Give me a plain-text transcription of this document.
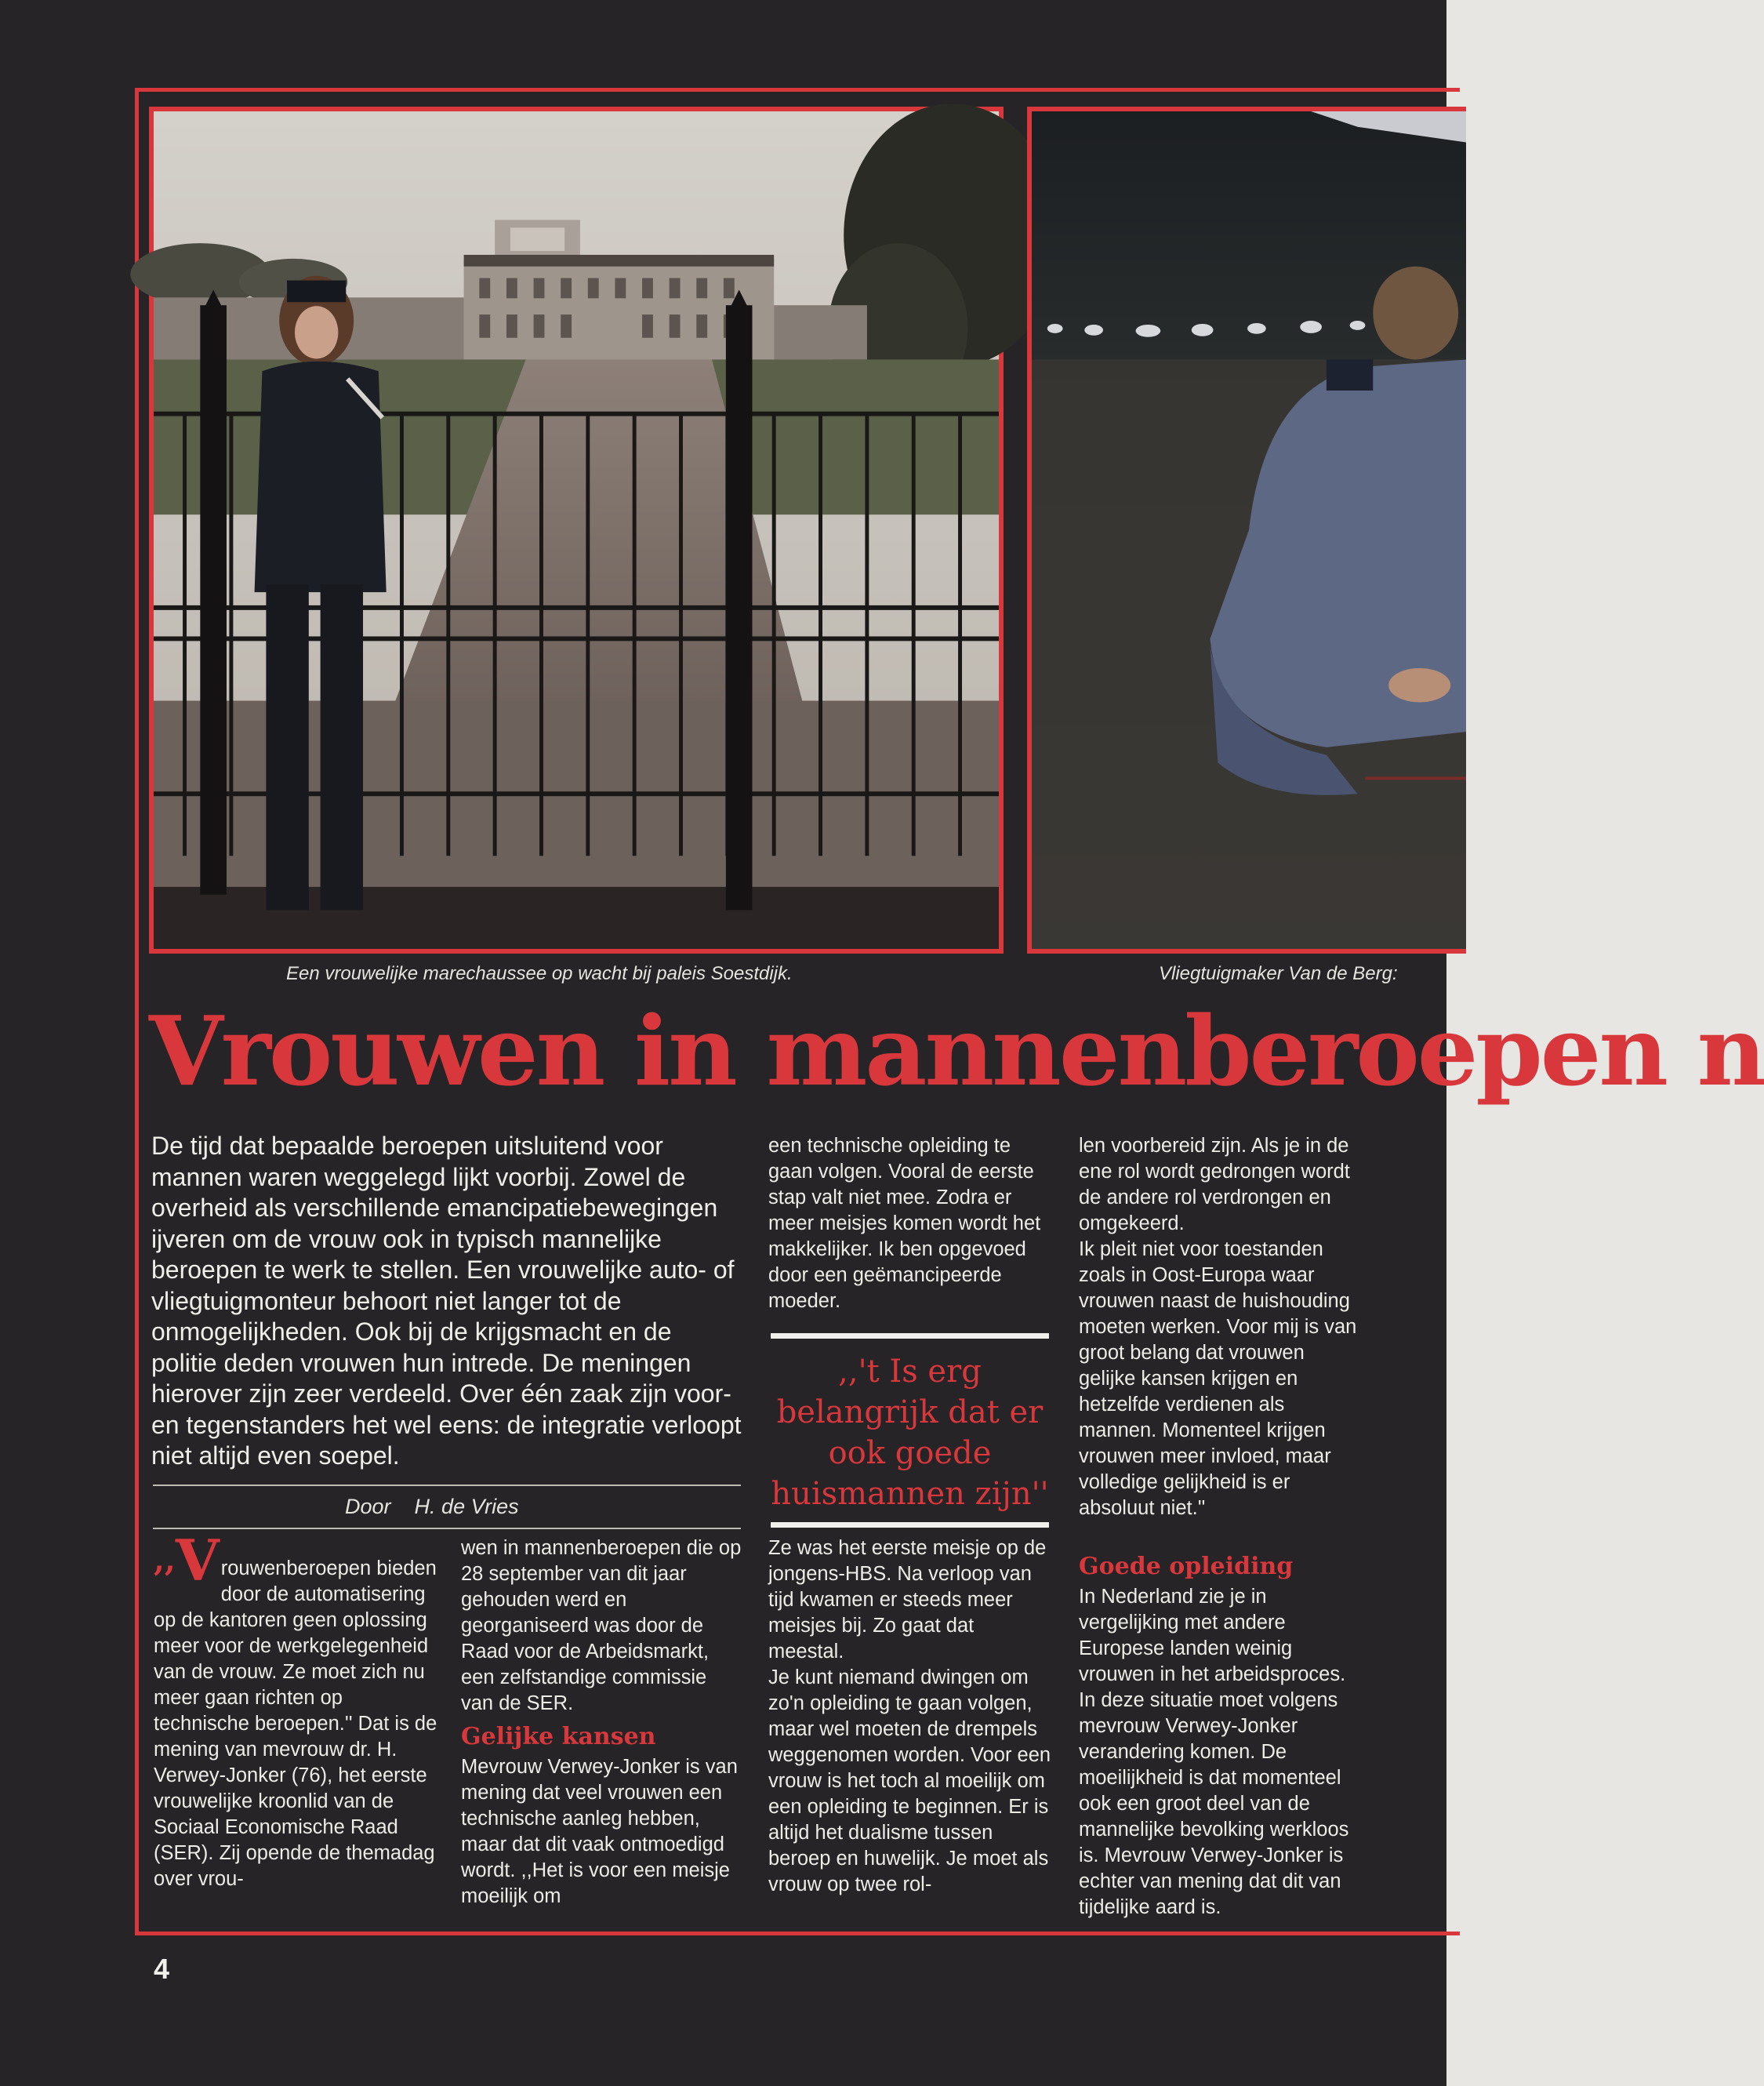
Een vrouwelijke marechaussee op wacht bij paleis Soestdijk.	Vliegtuigmaker Van de Berg:
Vrouwen in mannenberoepen n

De tijd dat bepaalde beroepen uitsluitend voor mannen waren weggelegd lijkt voorbij. Zowel de overheid als verschillende emancipatiebewegingen ijveren om de vrouw ook in typisch mannelijke beroepen te werk te stellen. Een vrouwelijke auto- of vliegtuigmonteur behoort niet langer tot de onmogelijkheden. Ook bij de krijgsmacht en de politie deden vrouwen hun intrede. De meningen hierover zijn zeer verdeeld. Over één zaak zijn voor- en tegenstanders het wel eens: de integratie verloopt niet altijd even soepel.

Door H. de Vries
,,V rouwenberoepen bieden door de automatisering op de kantoren geen oplossing meer voor de werkgelegenheid van de vrouw. Ze moet zich nu meer gaan richten op technische beroepen.'' Dat is de mening van mevrouw dr. H. Verwey-Jonker (76), het eerste vrouwelijke kroonlid van de Sociaal Economische Raad (SER). Zij opende de themadag over vrou-

wen in mannenberoepen die op 28 september van dit jaar gehouden werd en georganiseerd was door de Raad voor de Arbeidsmarkt, een zelfstandige commissie van de SER.

Gelijke kansen

Mevrouw Verwey-Jonker is van mening dat veel vrouwen een technische aanleg hebben, maar dat dit vaak ontmoedigd wordt. ,,Het is voor een meisje moeilijk om

een technische opleiding te gaan volgen. Vooral de eerste stap valt niet mee. Zodra er meer meisjes komen wordt het makkelijker. Ik ben opgevoed door een geëmancipeerde moeder.

,,'t Is erg belangrijk dat er ook goede huismannen zijn''

Ze was het eerste meisje op de jongens-HBS. Na verloop van tijd kwamen er steeds meer meisjes bij. Zo gaat dat meestal.

Je kunt niemand dwingen om zo'n opleiding te gaan volgen, maar wel moeten de drempels weggenomen worden. Voor een vrouw is het toch al moeilijk om een opleiding te beginnen. Er is altijd het dualisme tussen beroep en huwelijk. Je moet als vrouw op twee rol-

len voorbereid zijn. Als je in de ene rol wordt gedrongen wordt de andere rol verdrongen en omgekeerd.

Ik pleit niet voor toestanden zoals in Oost-Europa waar vrouwen naast de huishouding moeten werken. Voor mij is van groot belang dat vrouwen gelijke kansen krijgen en hetzelfde verdienen als mannen. Momenteel krijgen vrouwen meer invloed, maar volledige gelijkheid is er absoluut niet.''

Goede opleiding

In Nederland zie je in vergelijking met andere Europese landen weinig vrouwen in het arbeidsproces. In deze situatie moet volgens mevrouw Verwey-Jonker verandering komen. De moeilijkheid is dat momenteel ook een groot deel van de mannelijke bevolking werkloos is. Mevrouw Verwey-Jonker is echter van mening dat dit van tijdelijke aard is.

4
